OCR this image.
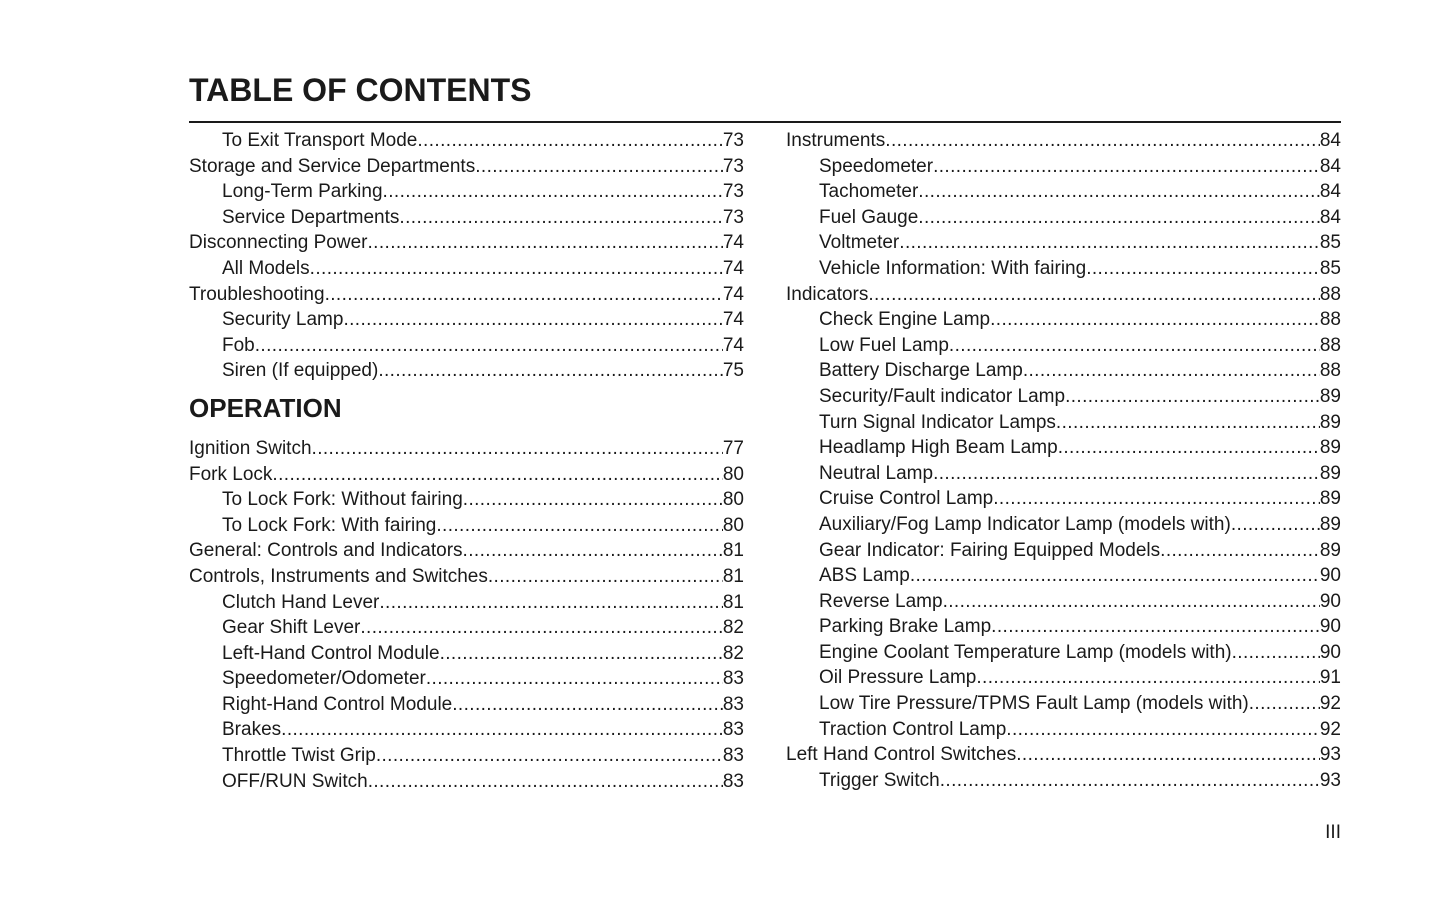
TABLE OF CONTENTS
To Exit Transport Mode .....	73
Storage and Service Departments .....	73
Long-Term Parking .....	73
Service Departments .....	73
Disconnecting Power .....	74
All Models .....	74
Troubleshooting .....	74
Security Lamp .....	74
Fob .....	74
Siren (If equipped) .....	75
OPERATION
Ignition Switch .....	77
Fork Lock .....	80
To Lock Fork: Without fairing .....	80
To Lock Fork: With fairing .....	80
General: Controls and Indicators .....	81
Controls, Instruments and Switches .....	81
Clutch Hand Lever .....	81
Gear Shift Lever .....	82
Left-Hand Control Module .....	82
Speedometer/Odometer .....	83
Right-Hand Control Module .....	83
Brakes .....	83
Throttle Twist Grip .....	83
OFF/RUN Switch .....	83
Instruments .....	84
Speedometer .....	84
Tachometer .....	84
Fuel Gauge .....	84
Voltmeter .....	85
Vehicle Information: With fairing .....	85
Indicators .....	88
Check Engine Lamp .....	88
Low Fuel Lamp .....	88
Battery Discharge Lamp .....	88
Security/Fault indicator Lamp .....	89
Turn Signal Indicator Lamps .....	89
Headlamp High Beam Lamp .....	89
Neutral Lamp .....	89
Cruise Control Lamp .....	89
Auxiliary/Fog Lamp Indicator Lamp (models with) .....	89
Gear Indicator: Fairing Equipped Models .....	89
ABS Lamp .....	90
Reverse Lamp .....	90
Parking Brake Lamp .....	90
Engine Coolant Temperature Lamp (models with) .....	90
Oil Pressure Lamp .....	91
Low Tire Pressure/TPMS Fault Lamp (models with) .....	92
Traction Control Lamp .....	92
Left Hand Control Switches .....	93
Trigger Switch .....	93
III
